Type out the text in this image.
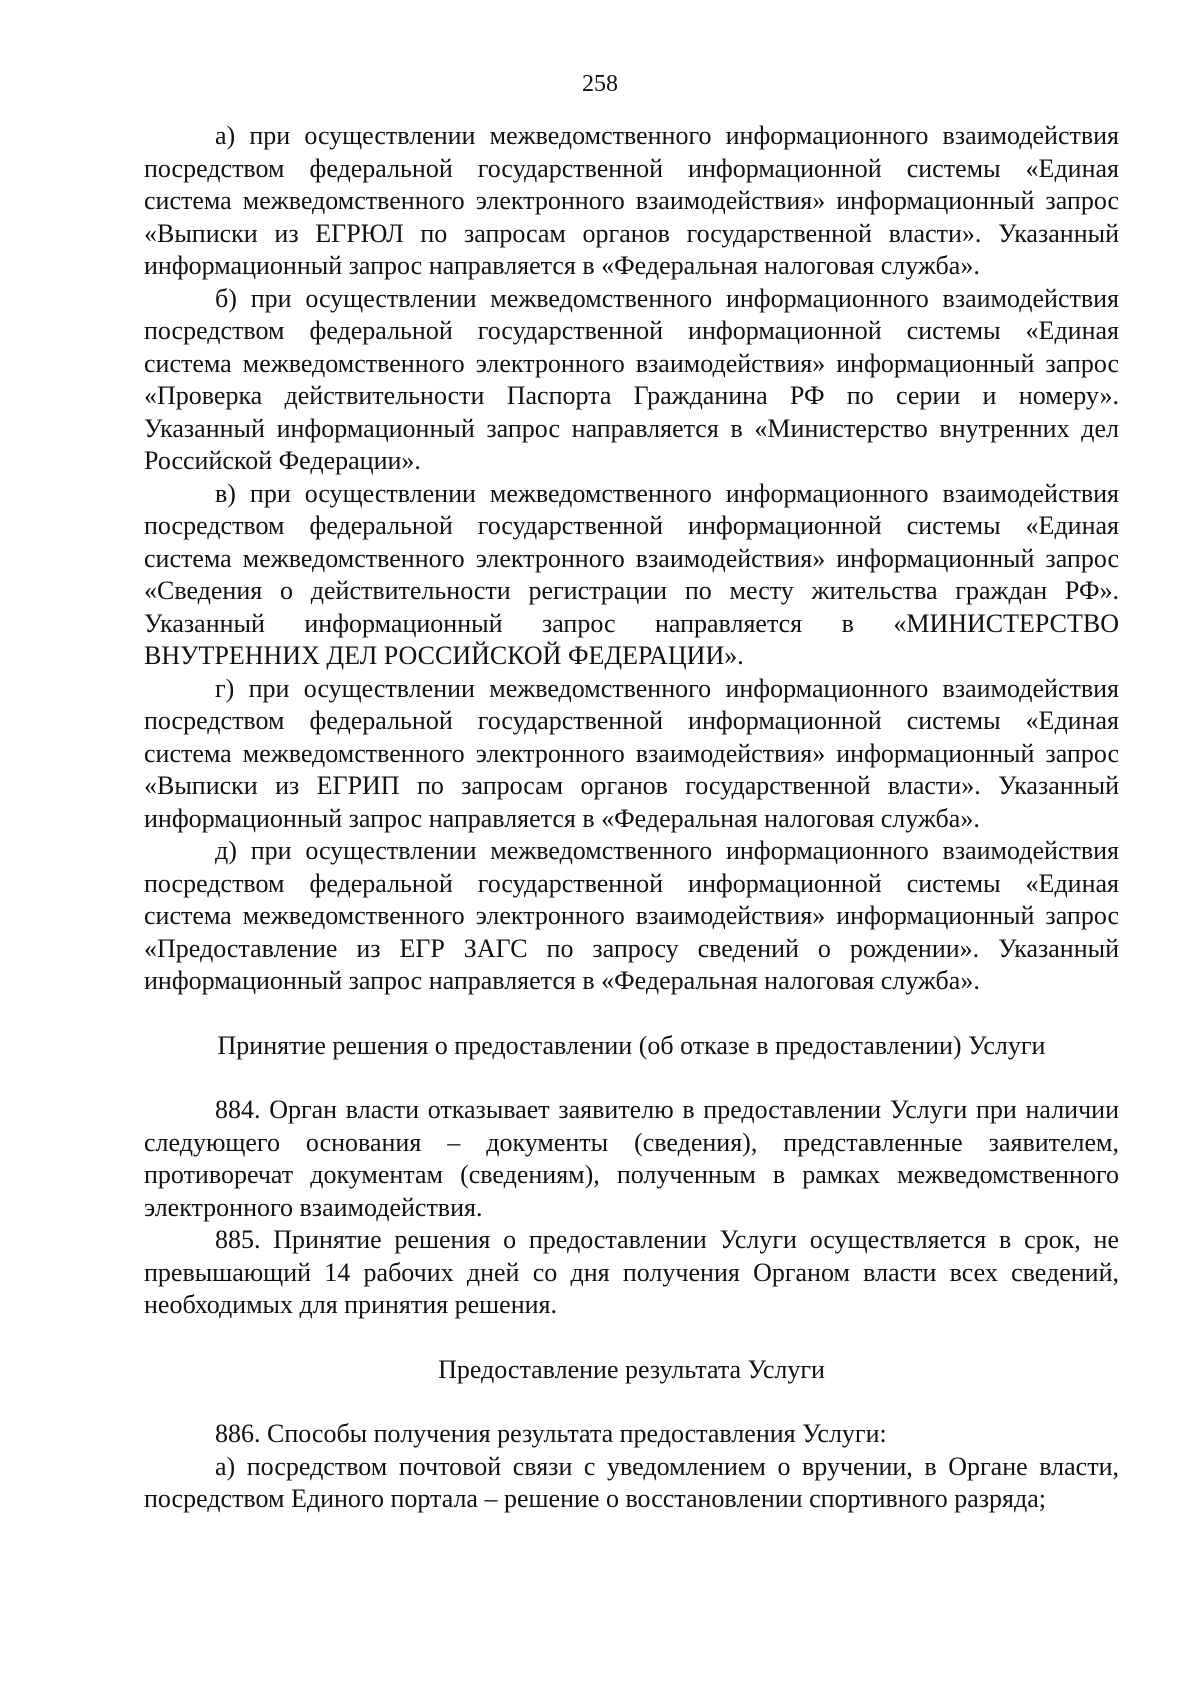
258

а) при осуществлении межведомственного информационного взаимодействия посредством федеральной государственной информационной системы «Единая система межведомственного электронного взаимодействия» информационный запрос «Выписки из ЕГРЮЛ по запросам органов государственной власти». Указанный информационный запрос направляется в «Федеральная налоговая служба».

б) при осуществлении межведомственного информационного взаимодействия посредством федеральной государственной информационной системы «Единая система межведомственного электронного взаимодействия» информационный запрос «Проверка действительности Паспорта Гражданина РФ по серии и номеру». Указанный информационный запрос направляется в «Министерство внутренних дел Российской Федерации».

в) при осуществлении межведомственного информационного взаимодействия посредством федеральной государственной информационной системы «Единая система межведомственного электронного взаимодействия» информационный запрос «Сведения о действительности регистрации по месту жительства граждан РФ». Указанный информационный запрос направляется в «МИНИСТЕРСТВО ВНУТРЕННИХ ДЕЛ РОССИЙСКОЙ ФЕДЕРАЦИИ».

г) при осуществлении межведомственного информационного взаимодействия посредством федеральной государственной информационной системы «Единая система межведомственного электронного взаимодействия» информационный запрос «Выписки из ЕГРИП по запросам органов государственной власти». Указанный информационный запрос направляется в «Федеральная налоговая служба».

д) при осуществлении межведомственного информационного взаимодействия посредством федеральной государственной информационной системы «Единая система межведомственного электронного взаимодействия» информационный запрос «Предоставление из ЕГР ЗАГС по запросу сведений о рождении». Указанный информационный запрос направляется в «Федеральная налоговая служба».

Принятие решения о предоставлении (об отказе в предоставлении) Услуги

884. Орган власти отказывает заявителю в предоставлении Услуги при наличии следующего основания – документы (сведения), представленные заявителем, противоречат документам (сведениям), полученным в рамках межведомственного электронного взаимодействия.

885. Принятие решения о предоставлении Услуги осуществляется в срок, не превышающий 14 рабочих дней со дня получения Органом власти всех сведений, необходимых для принятия решения.

Предоставление результата Услуги

886. Способы получения результата предоставления Услуги:

а) посредством почтовой связи с уведомлением о вручении, в Органе власти, посредством Единого портала – решение о восстановлении спортивного разряда;
